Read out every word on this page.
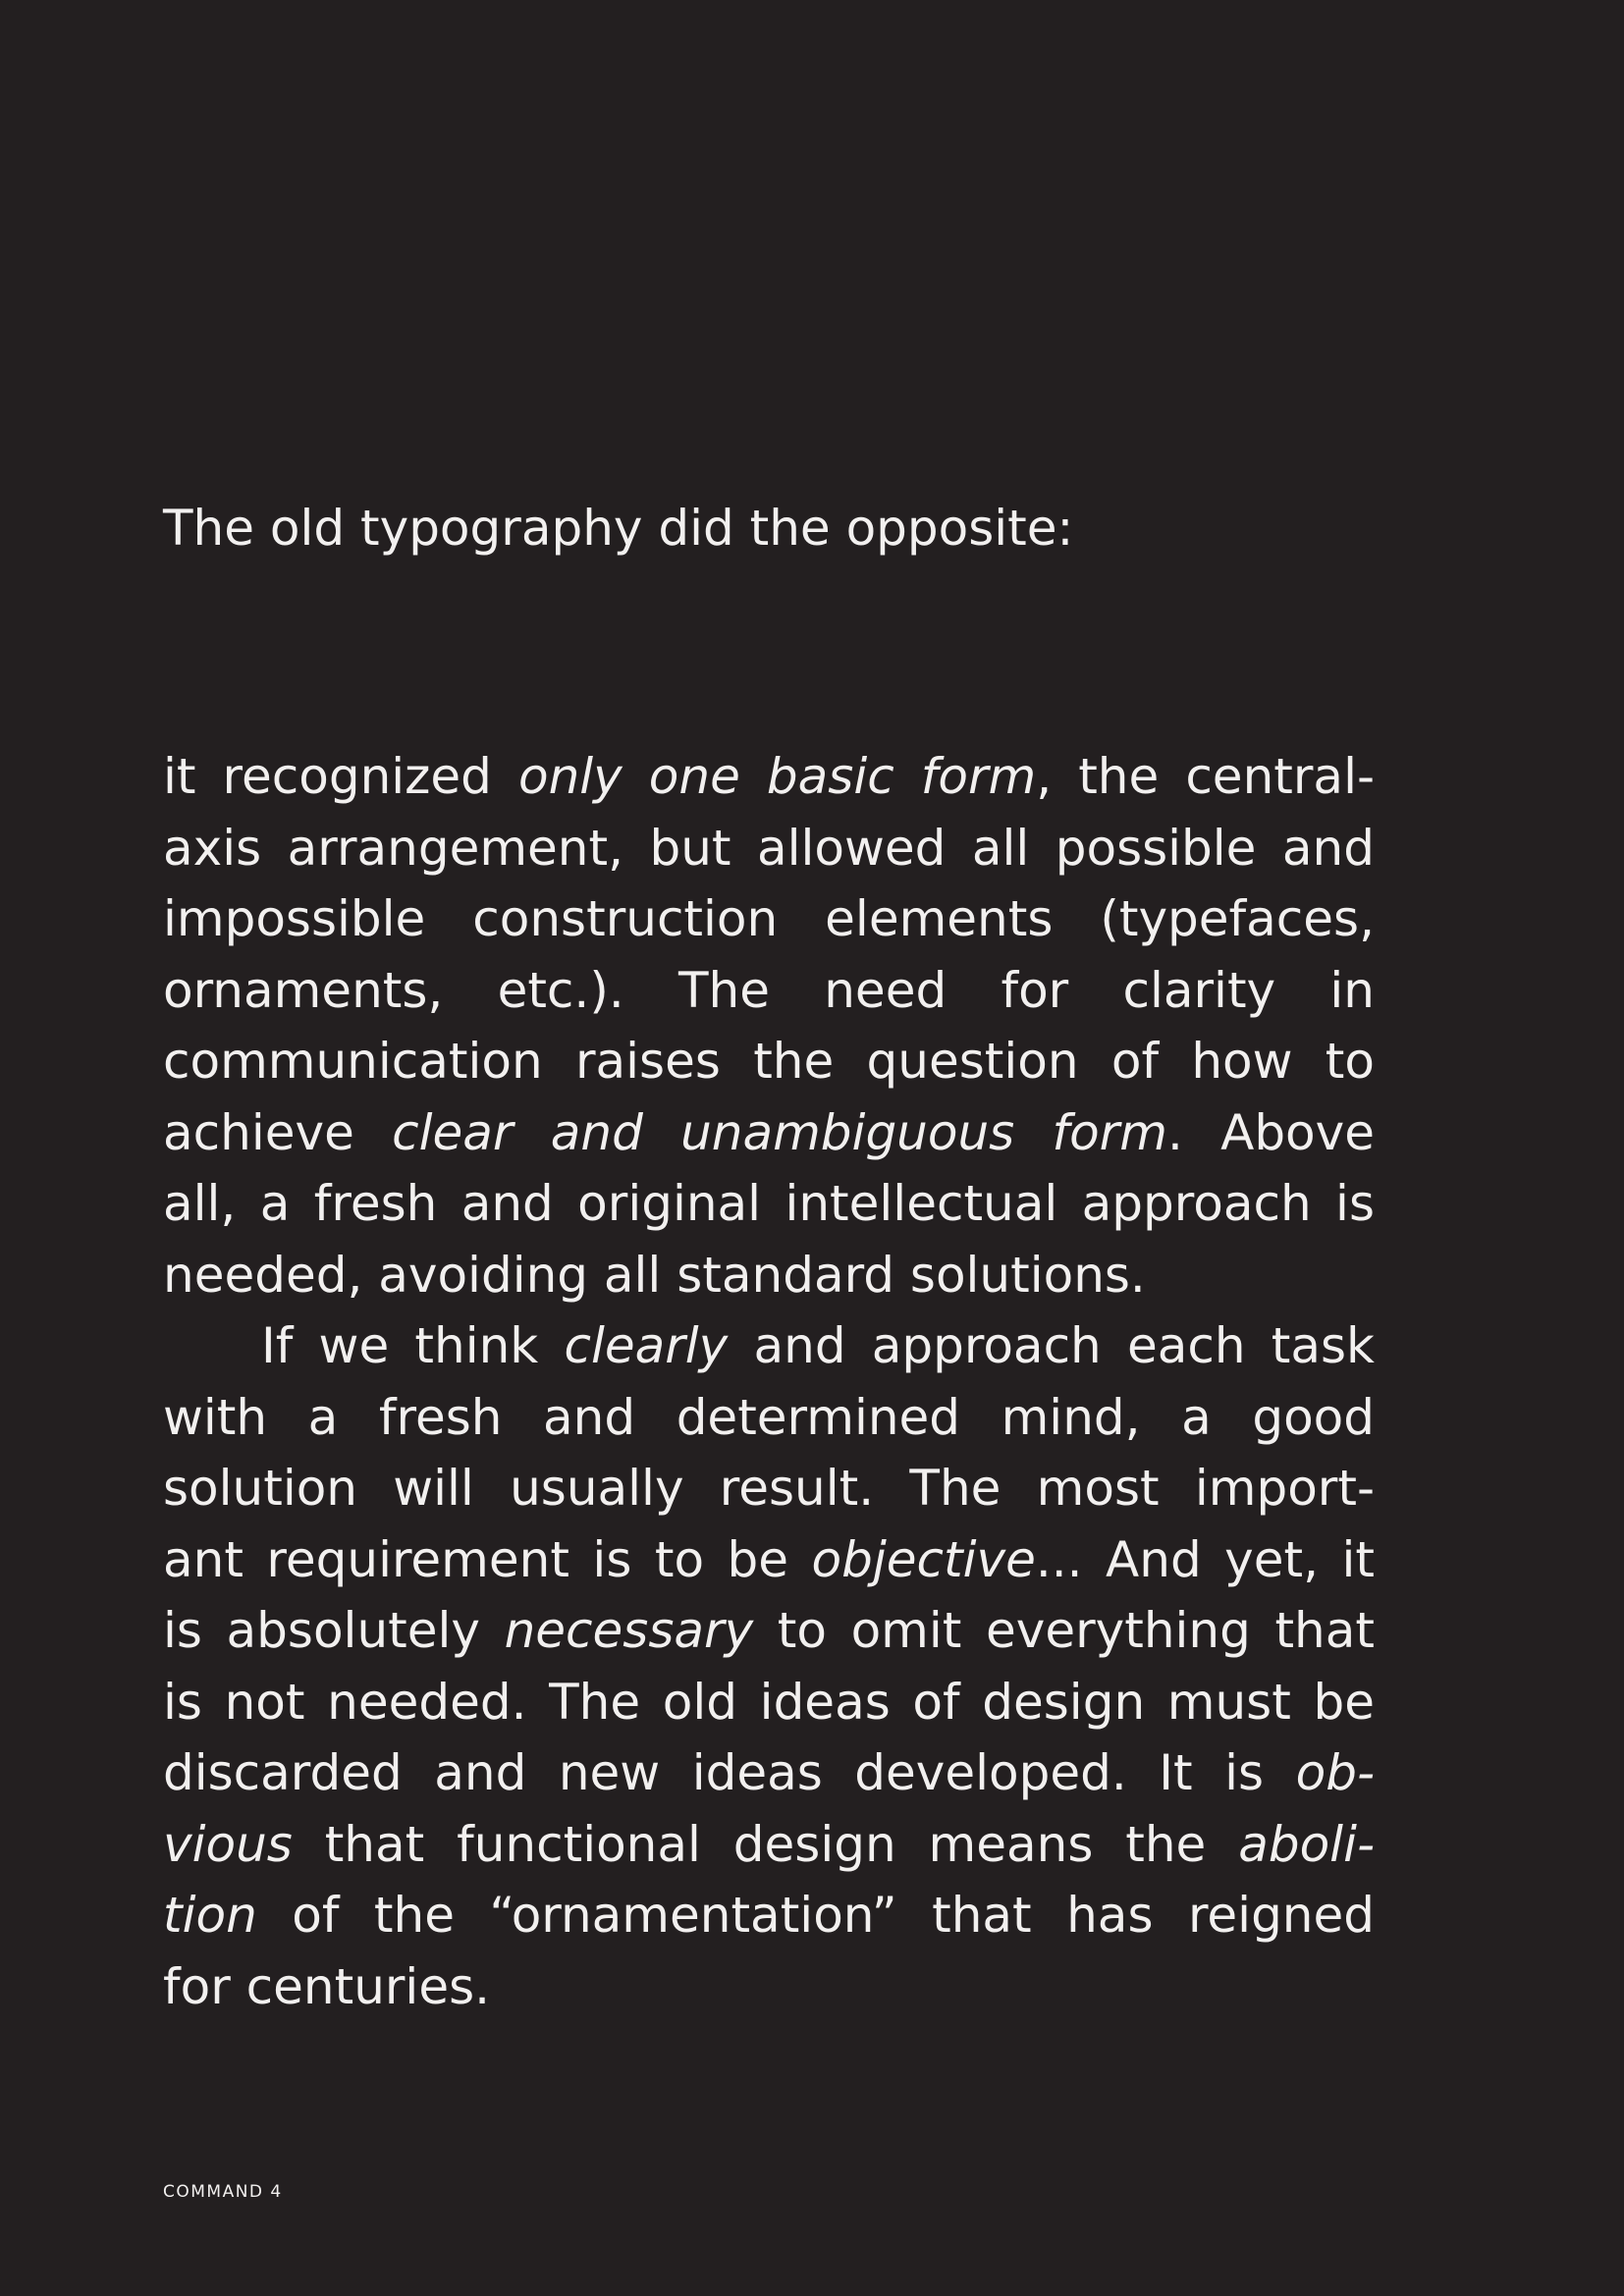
The old typography did the opposite:

it recognized only one basic form, the central-
axis arrangement, but allowed all possible and
impossible construction elements (typefaces,
ornaments, etc.). The need for clarity in
communication raises the question of how to
achieve clear and unambiguous form. Above
all, a fresh and original intellectual approach is
needed, avoiding all standard solutions.
If we think clearly and approach each task
with a fresh and determined mind, a good
solution will usually result. The most import-
ant requirement is to be objective... And yet, it
is absolutely necessary to omit everything that
is not needed. The old ideas of design must be
discarded and new ideas developed. It is ob-
vious that functional design means the aboli-
tion of the “ornamentation” that has reigned
for centuries.
COMMAND 4
